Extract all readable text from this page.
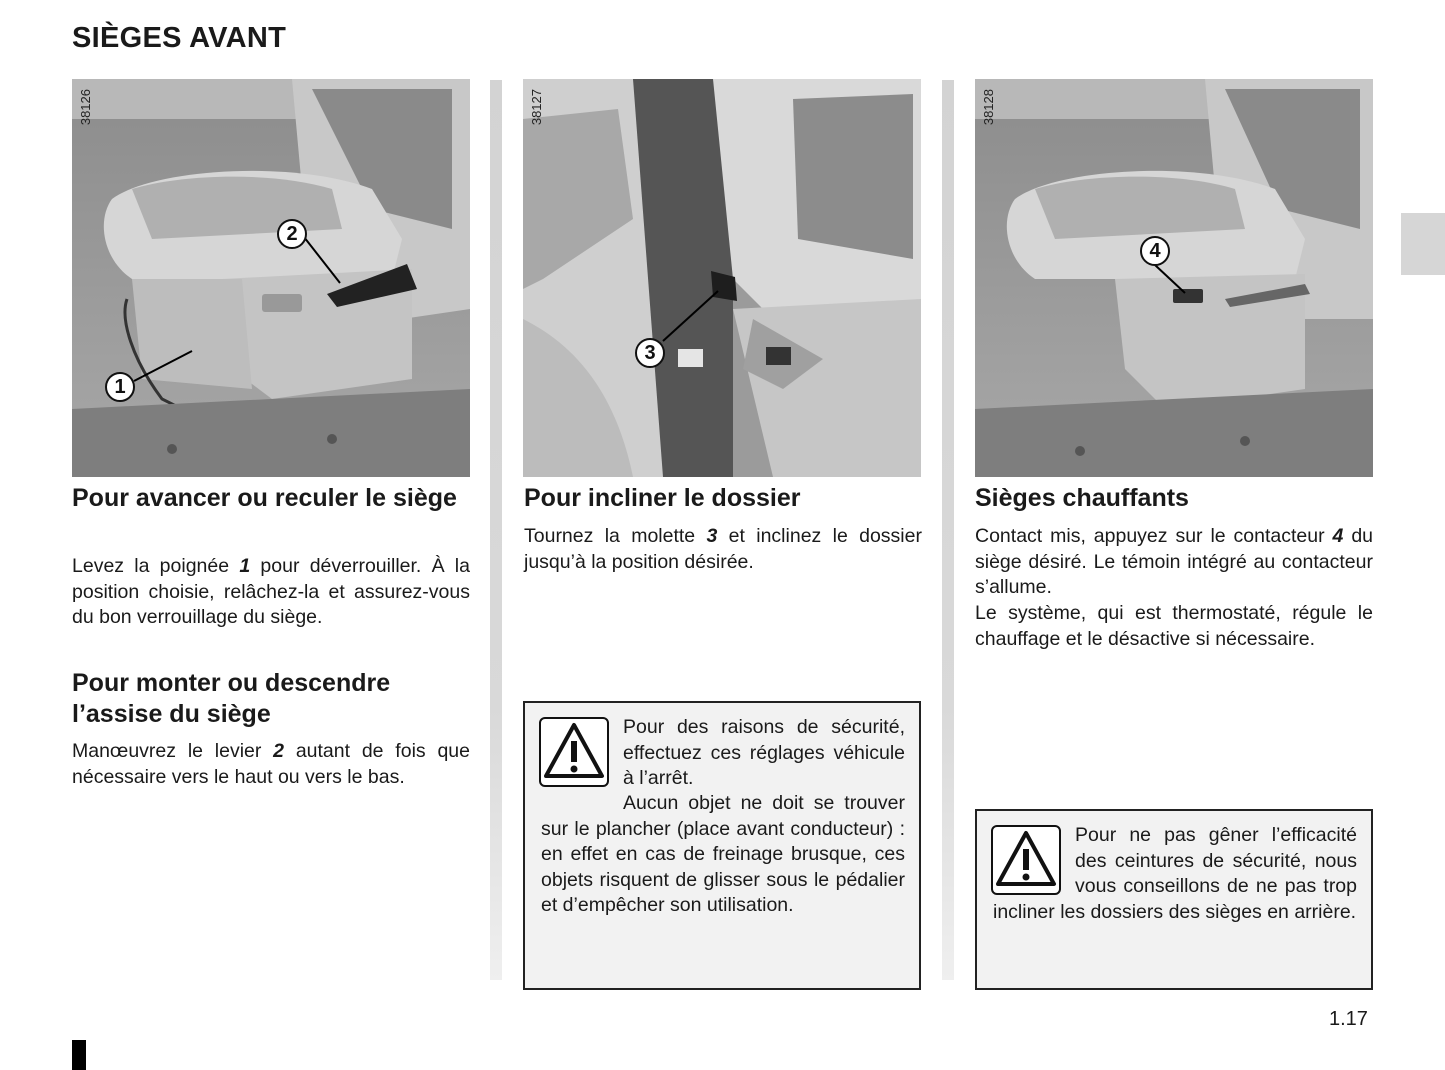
SIÈGES AVANT
38126
1
2
38127
3
38128
4
Pour avancer ou reculer le siège

Levez la poignée 1 pour déverrouiller. À la position choisie, relâchez-la et assurez-vous du bon verrouillage du siège.

Pour monter ou descendre l’assise du siège

Manœuvrez le levier 2 autant de fois que nécessaire vers le haut ou vers le bas.

Pour incliner le dossier

Tournez la molette 3 et inclinez le dossier jusqu’à la position désirée.

Pour des raisons de sécurité, effectuez ces réglages véhicule à l’arrêt.

Aucun objet ne doit se trouver sur le plancher (place avant conducteur) : en effet en cas de freinage brusque, ces objets risquent de glisser sous le pédalier et d’empêcher son utilisation.

Sièges chauffants

Contact mis, appuyez sur le contacteur 4 du siège désiré. Le témoin intégré au contacteur s’allume.

Le système, qui est thermostaté, régule le chauffage et le désactive si nécessaire.

Pour ne pas gêner l’efficacité des ceintures de sécurité, nous vous conseillons de ne pas trop incliner les dossiers des sièges en arrière.

1.17
